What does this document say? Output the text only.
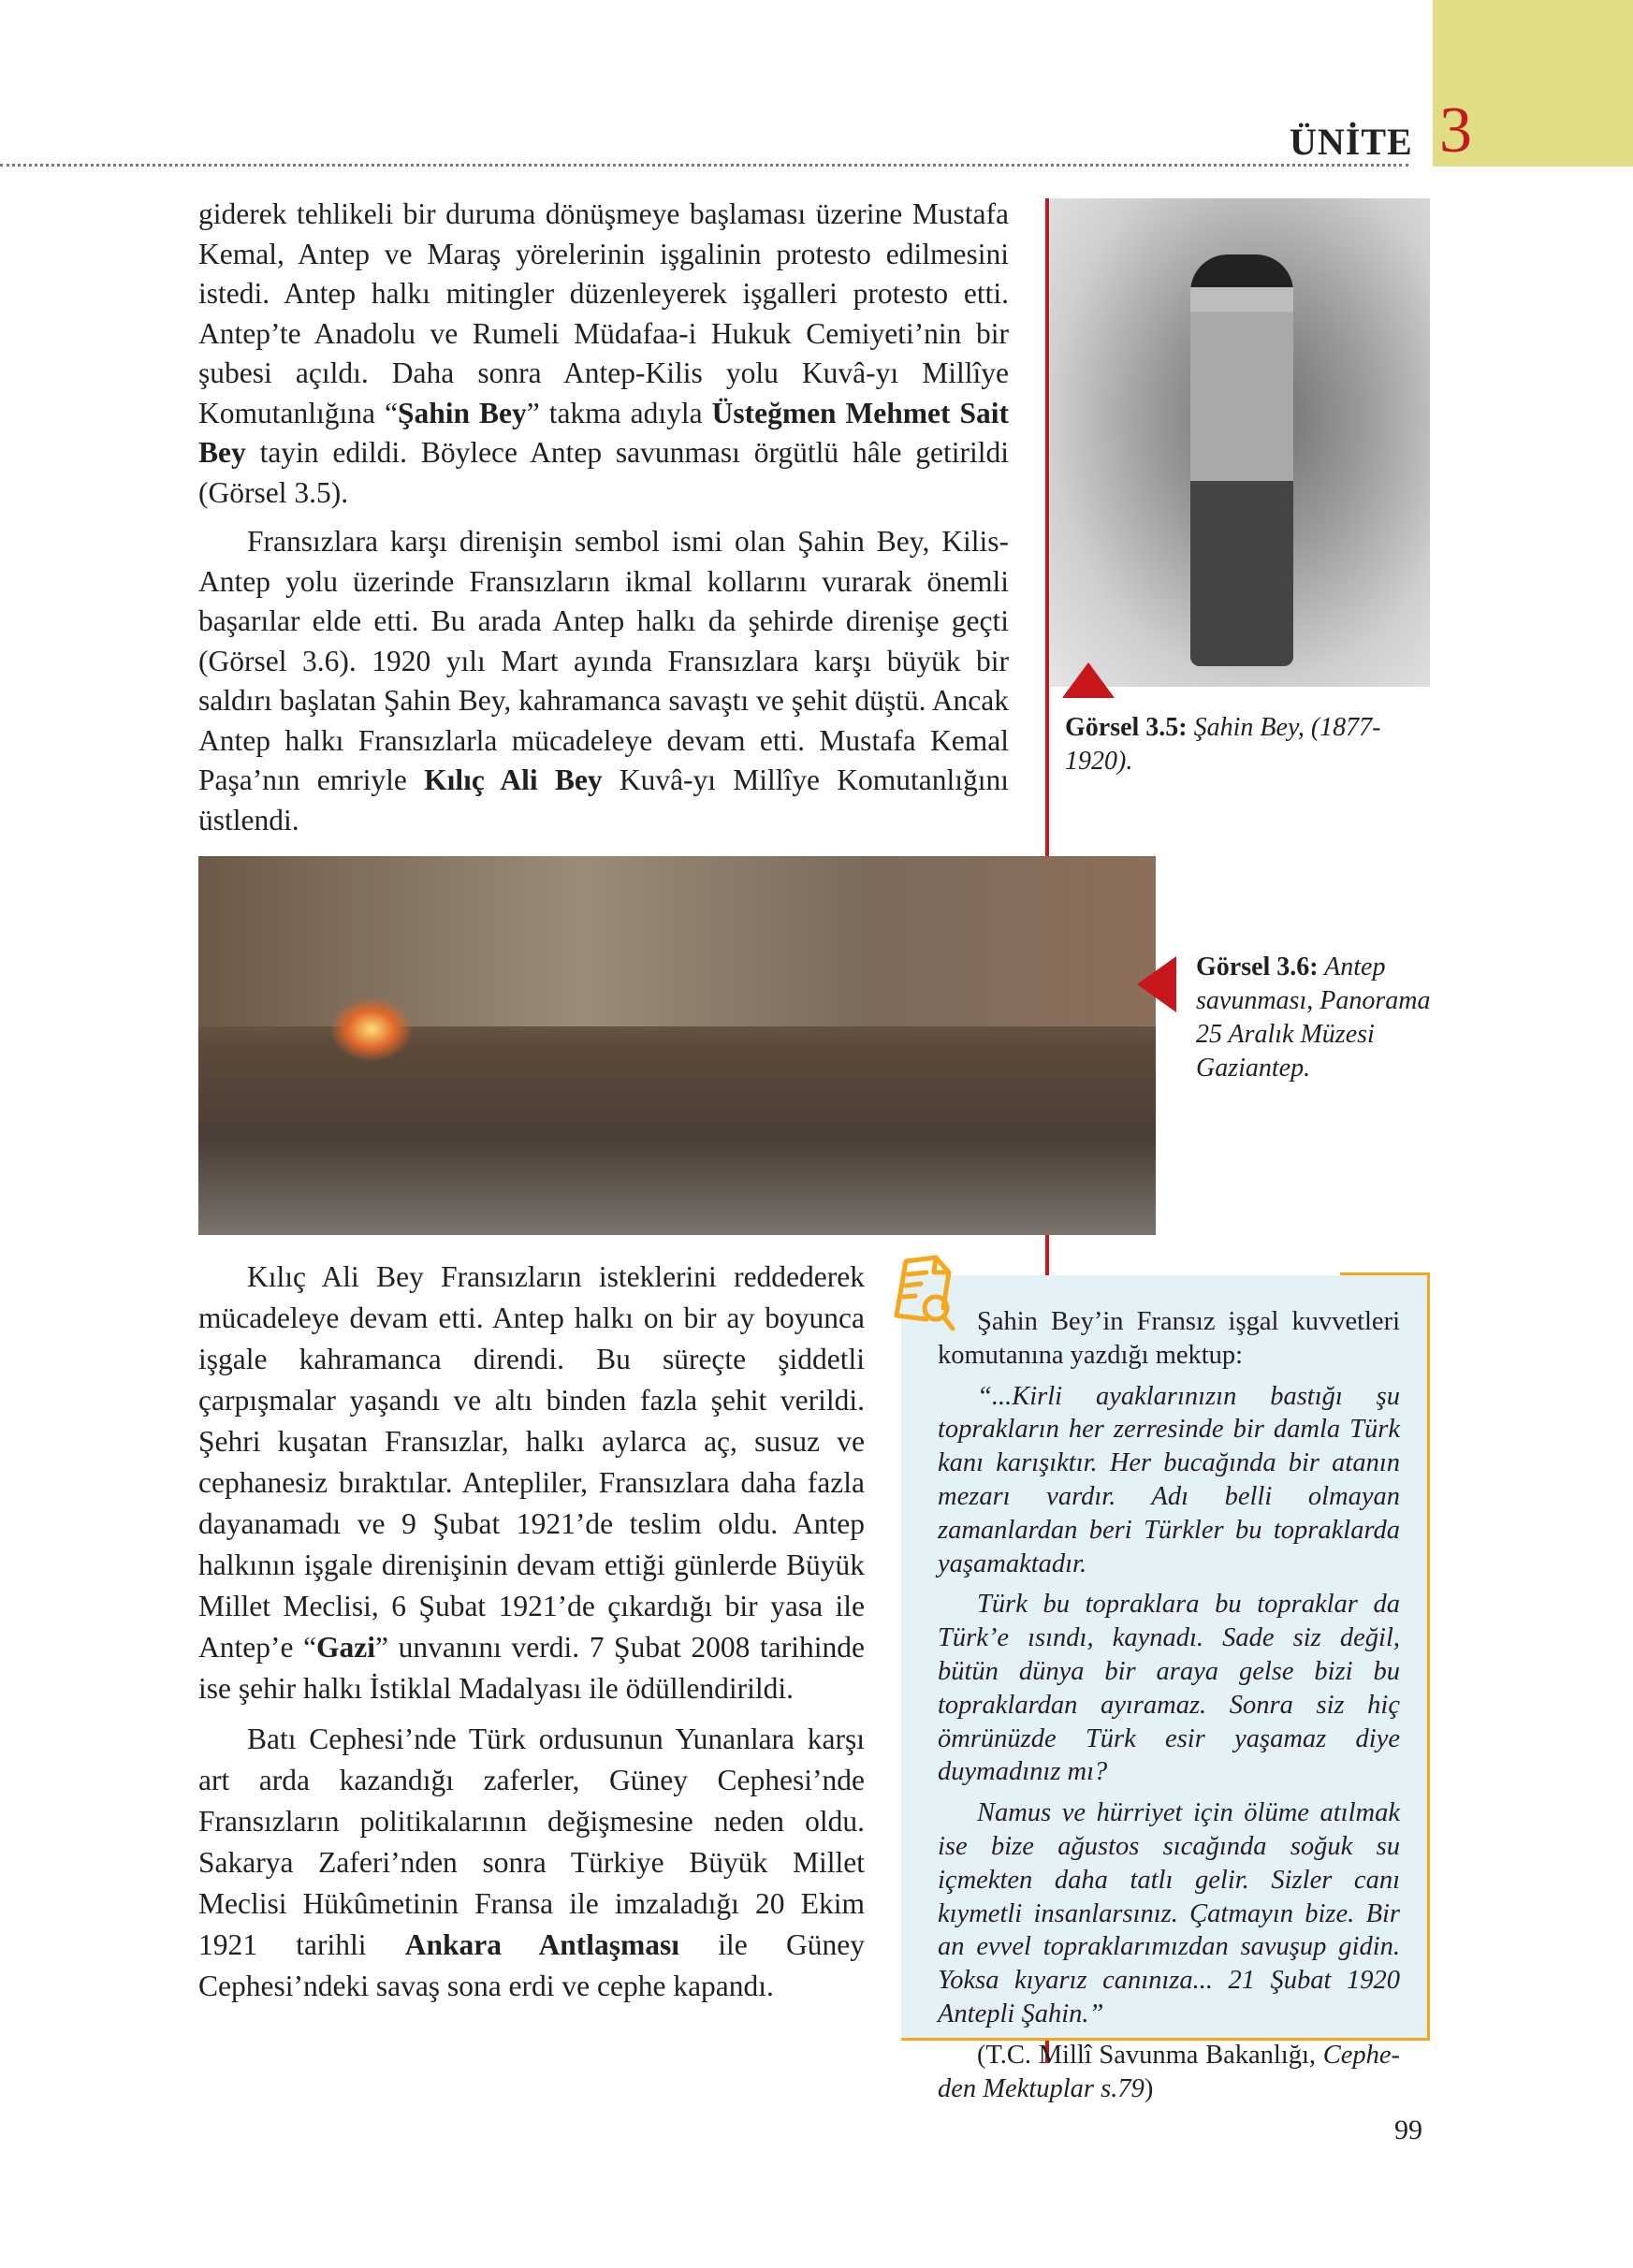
3
ÜNİTE

giderek tehlikeli bir duruma dönüşmeye başlaması üzerine Mustafa Kemal, Antep ve Maraş yörelerinin işgalinin protesto edilmesini istedi. Antep halkı mitingler düzenleyerek işgalleri protesto etti. Antep’te Anadolu ve Rumeli Müdafaa-i Hukuk Cemiyeti’nin bir şubesi açıldı. Daha sonra Antep-Kilis yolu Kuvâ-yı Millîye Komutanlığına “Şahin Bey” takma adıyla Üsteğmen Mehmet Sait Bey tayin edildi. Böylece Antep savunması örgütlü hâle getirildi (Görsel 3.5).

Fransızlara karşı direnişin sembol ismi olan Şahin Bey, Kilis-Antep yolu üzerinde Fransızların ikmal kollarını vurarak önemli başarılar elde etti. Bu arada Antep halkı da şehirde direnişe geçti (Görsel 3.6). 1920 yılı Mart ayında Fransızlara karşı büyük bir saldırı başlatan Şahin Bey, kahramanca savaştı ve şehit düştü. Ancak Antep halkı Fransızlarla mücadeleye devam etti. Mustafa Kemal Paşa’nın emriyle Kılıç Ali Bey Kuvâ-yı Millîye Komutanlığını üstlendi.

Görsel 3.5: Şahin Bey, (1877-1920).
Görsel 3.6: Antep savunması, Panorama 25 Aralık Müzesi Gaziantep.

Kılıç Ali Bey Fransızların isteklerini reddederek mücadeleye devam etti. Antep halkı on bir ay boyunca işgale kahramanca direndi. Bu süreçte şiddetli çarpışmalar yaşandı ve altı binden fazla şehit verildi. Şehri kuşatan Fransızlar, halkı aylarca aç, susuz ve cephanesiz bıraktılar. Antepliler, Fransızlara daha fazla dayanamadı ve 9 Şubat 1921’de teslim oldu. Antep halkının işgale direnişinin devam ettiği günlerde Büyük Millet Meclisi, 6 Şubat 1921’de çıkardığı bir yasa ile Antep’e “Gazi” unvanını verdi. 7 Şubat 2008 tarihinde ise şehir halkı İstiklal Madalyası ile ödüllendirildi.

Batı Cephesi’nde Türk ordusunun Yunanlara karşı art arda kazandığı zaferler, Güney Cephesi’nde Fransızların politikalarının değişmesine neden oldu. Sakarya Zaferi’nden sonra Türkiye Büyük Millet Meclisi Hükûmetinin Fransa ile imzaladığı 20 Ekim 1921 tarihli Ankara Antlaşması ile Güney Cephesi’ndeki savaş sona erdi ve cephe kapandı.

Şahin Bey’in Fransız işgal kuvvetleri komutanına yazdığı mektup:

“...Kirli ayaklarınızın bastığı şu toprakların her zerresinde bir damla Türk kanı karışıktır. Her bucağında bir atanın mezarı vardır. Adı belli olmayan zamanlardan beri Türkler bu topraklarda yaşamaktadır.

Türk bu topraklara bu topraklar da Türk’e ısındı, kaynadı. Sade siz değil, bütün dünya bir araya gelse bizi bu topraklardan ayıramaz. Sonra siz hiç ömrünüzde Türk esir yaşamaz diye duymadınız mı?

Namus ve hürriyet için ölüme atılmak ise bize ağustos sıcağında soğuk su içmekten daha tatlı gelir. Sizler canı kıymetli insanlarsınız. Çatmayın bize. Bir an evvel topraklarımızdan savuşup gidin. Yoksa kıyarız canınıza... 21 Şubat 1920 Antepli Şahin.”

(T.C. Millî Savunma Bakanlığı, Cepheden Mektuplar s.79)

99
